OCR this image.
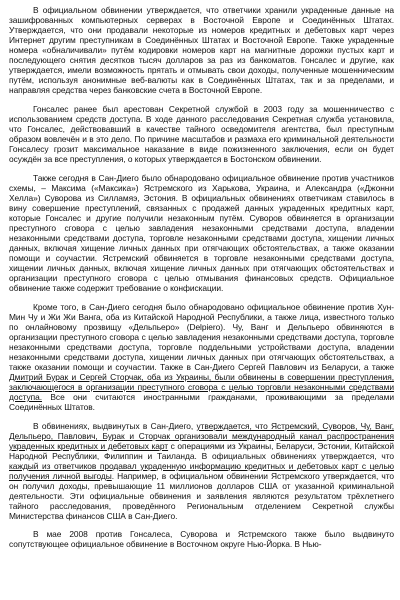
В официальном обвинении утверждается, что ответчики хранили украденные данные на зашифрованных компьютерных серверах в Восточной Европе и Соединённых Штатах. Утверждается, что они продавали некоторые из номеров кредитных и дебетовых карт через Интернет другим преступникам в Соединённых Штатах и Восточной Европе. Также украденные номера «обналичивали» путём кодировки номеров карт на магнитные дорожки пустых карт и последующего снятия десятков тысяч долларов за раз из банкоматов. Гонсалес и другие, как утверждается, имели возможность прятать и отмывать свои доходы, полученные мошенническим путём, используя анонимные веб-валюты как в Соединённых Штатах, так и за пределами, и направляя средства через банковские счета в Восточной Европе.

Гонсалес ранее был арестован Секретной службой в 2003 году за мошенничество с использованием средств доступа. В ходе данного расследования Секретная служба установила, что Гонсалес, действовавший в качестве тайного осведомителя агентства, был преступным образом вовлечён и в это дело. По причине масштабов и размаха его криминальной деятельности Гонсалесу грозит максимальное наказание в виде пожизненного заключения, если он будет осуждён за все преступления, о которых утверждается в Бостонском обвинении.

Также сегодня в Сан-Диего было обнародовано официальное обвинение против участников схемы, – Максима («Максика») Ястремского из Харькова, Украина, и Александра («Джонни Хелла») Суворова из Силламяэ, Эстония. В официальных обвинениях ответчикам ставилось в вину совершение преступлений, связанных с продажей данных украденных кредитных карт, которые Гонсалес и другие получили незаконным путём. Суворов обвиняется в организации преступного сговора с целью завладения незаконными средствами доступа, владении незаконными средствами доступа, торговле незаконными средствами доступа, хищении личных данных, включая хищение личных данных при отягчающих обстоятельствах, а также оказании помощи и соучастии. Ястремский обвиняется в торговле незаконными средствами доступа, хищении личных данных, включая хищение личных данных при отягчающих обстоятельствах и организации преступного сговора с целью отмывания финансовых средств. Официальное обвинение также содержит требование о конфискации.

Кроме того, в Сан-Диего сегодня было обнародовано официальное обвинение против Хун-Мин Чу и Жи Жи Ванга, оба из Китайской Народной Республики, а также лица, известного только по онлайновому прозвищу «Дельпьеро» (Delpiero). Чу, Ванг и Дельпьеро обвиняются в организации преступного сговора с целью завладения незаконными средствами доступа, торговле незаконными средствами доступа, торговле поддельными устройствами доступа, владении незаконными средствами доступа, хищении личных данных при отягчающих обстоятельствах, а также оказании помощи и соучастии. Также в Сан-Диего Сергей Павлович из Беларуси, а также Дмитрий Бурак и Сергей Сторчак, оба из Украины, были обвинены в совершении преступления, заключающегося в организации преступного сговора с целью торговли незаконными средствами доступа. Все они считаются иностранными гражданами, проживающими за пределами Соединённых Штатов.

В обвинениях, выдвинутых в Сан-Диего, утверждается, что Ястремский, Суворов, Чу, Ванг, Дельпьеро, Павлович, Бурак и Сторчак организовали международный канал распространения украденных кредитных и дебетовых карт с операциями из Украины, Беларуси, Эстонии, Китайской Народной Республики, Филиппин и Таиланда. В официальных обвинениях утверждается, что каждый из ответчиков продавал украденную информацию кредитных и дебетовых карт с целью получения личной выгоды. Например, в официальном обвинении Ястремского утверждается, что он получил доходы, превышающие 11 миллионов долларов США от указанной криминальной деятельности. Эти официальные обвинения и заявления являются результатом трёхлетнего тайного расследования, проведённого Региональным отделением Секретной службы Министерства финансов США в Сан-Диего.

В мае 2008 против Гонсалеса, Суворова и Ястремского также было выдвинуто сопутствующее официальное обвинение в Восточном округе Нью-Йорка. В Нью-
